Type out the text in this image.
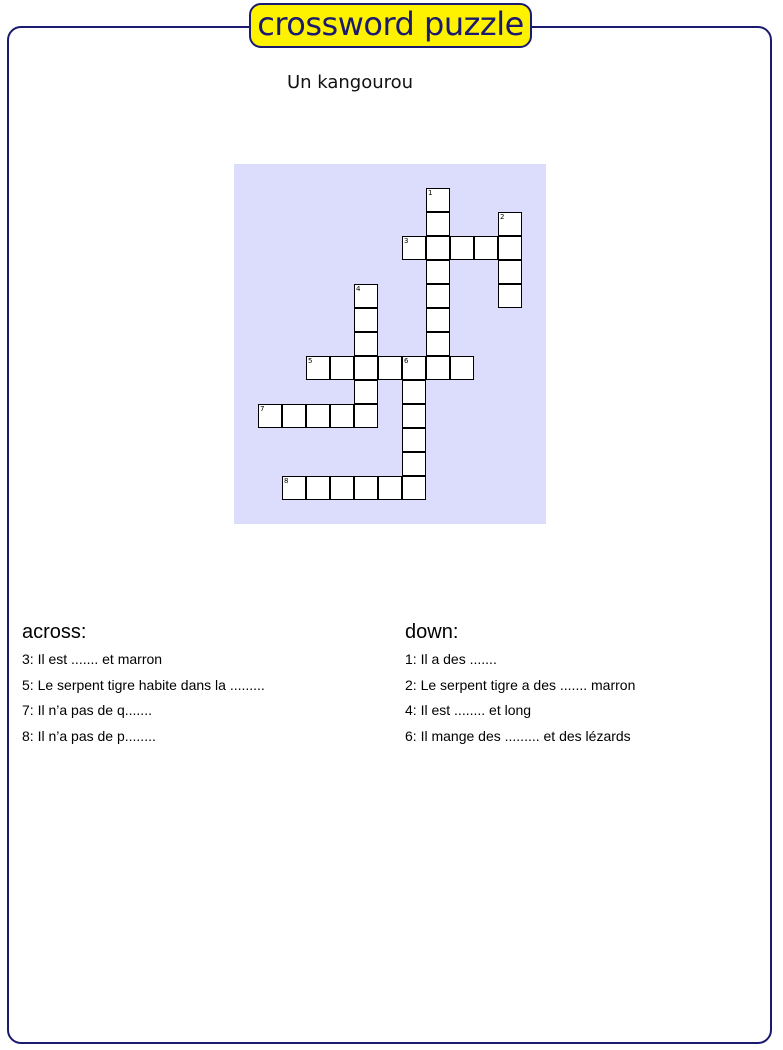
crossword puzzle
Un kangourou
1
2
3
4
5	6
7
8
across:
3: Il est ....... et marron
5: Le serpent tigre habite dans la .........
7: Il n’a pas de q.......
8: Il n’a pas de p........
down:
1: Il a des .......
2: Le serpent tigre a des ....... marron
4: Il est ........ et long
6: Il mange des ......... et des lézards
